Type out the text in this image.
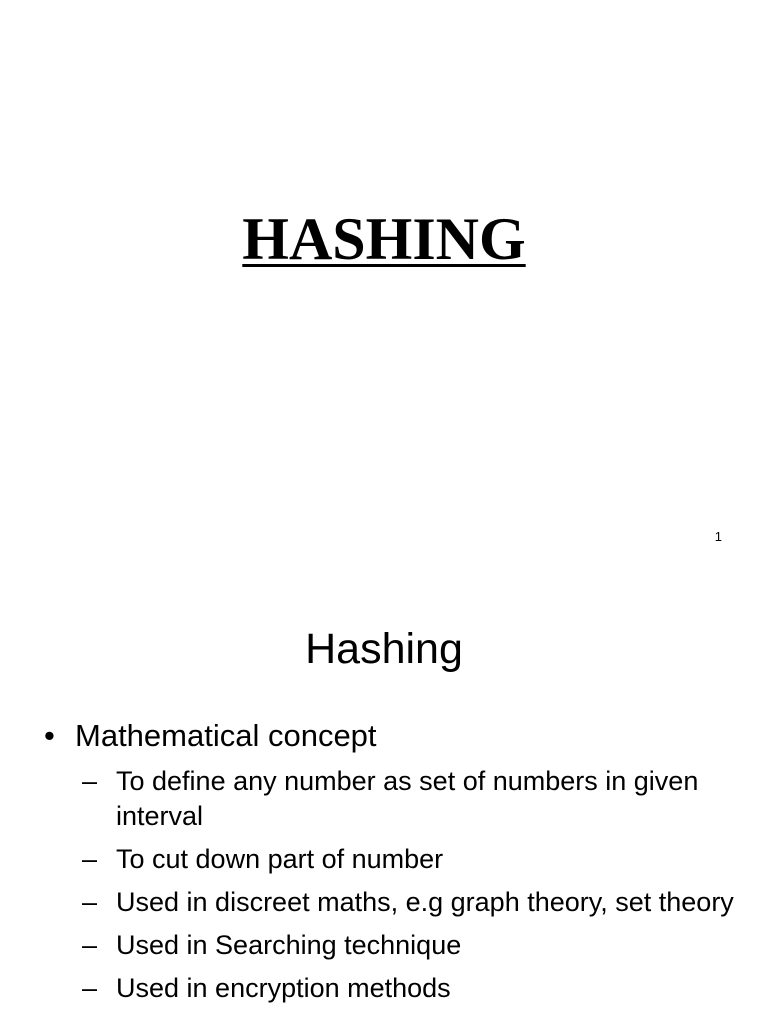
HASHING
1
Hashing
• Mathematical concept
– To define any number as set of numbers in given interval
– To cut down part of number
– Used in discreet maths, e.g graph theory, set theory
– Used in Searching technique
– Used in encryption methods
